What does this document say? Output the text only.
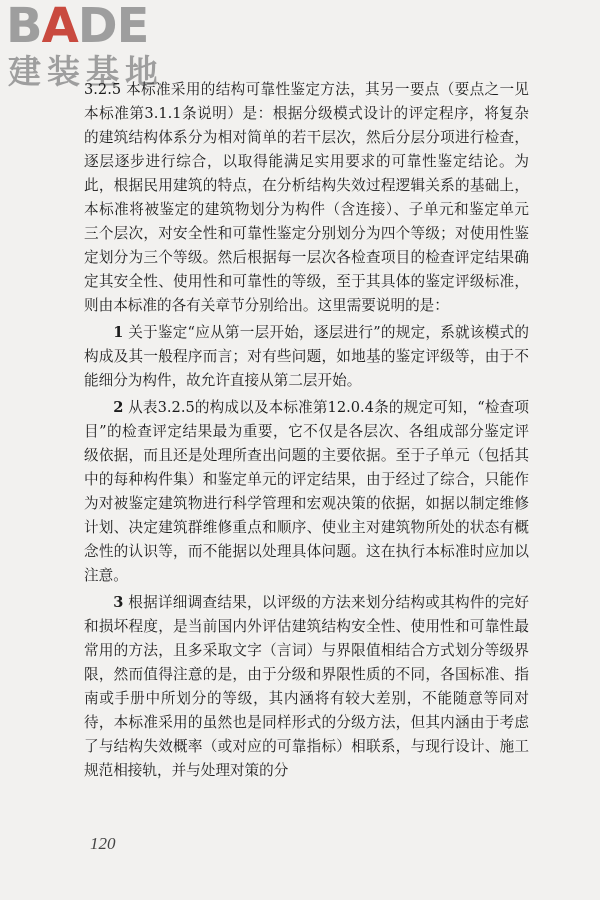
BADE
建装基地

3.2.5 本标准采用的结构可靠性鉴定方法，其另一要点（要点之一见本标准第3.1.1条说明）是：根据分级模式设计的评定程序，将复杂的建筑结构体系分为相对简单的若干层次，然后分层分项进行检查，逐层逐步进行综合，以取得能满足实用要求的可靠性鉴定结论。为此，根据民用建筑的特点，在分析结构失效过程逻辑关系的基础上，本标准将被鉴定的建筑物划分为构件（含连接）、子单元和鉴定单元三个层次，对安全性和可靠性鉴定分别划分为四个等级；对使用性鉴定划分为三个等级。然后根据每一层次各检查项目的检查评定结果确定其安全性、使用性和可靠性的等级，至于其具体的鉴定评级标准，则由本标准的各有关章节分别给出。这里需要说明的是：

1 关于鉴定“应从第一层开始，逐层进行”的规定，系就该模式的构成及其一般程序而言；对有些问题，如地基的鉴定评级等，由于不能细分为构件，故允许直接从第二层开始。

2 从表3.2.5的构成以及本标准第12.0.4条的规定可知，“检查项目”的检查评定结果最为重要，它不仅是各层次、各组成部分鉴定评级依据，而且还是处理所查出问题的主要依据。至于子单元（包括其中的每种构件集）和鉴定单元的评定结果，由于经过了综合，只能作为对被鉴定建筑物进行科学管理和宏观决策的依据，如据以制定维修计划、决定建筑群维修重点和顺序、使业主对建筑物所处的状态有概念性的认识等，而不能据以处理具体问题。这在执行本标准时应加以注意。

3 根据详细调查结果，以评级的方法来划分结构或其构件的完好和损坏程度，是当前国内外评估建筑结构安全性、使用性和可靠性最常用的方法，且多采取文字（言词）与界限值相结合方式划分等级界限，然而值得注意的是，由于分级和界限性质的不同，各国标准、指南或手册中所划分的等级，其内涵将有较大差别，不能随意等同对待，本标准采用的虽然也是同样形式的分级方法，但其内涵由于考虑了与结构失效概率（或对应的可靠指标）相联系，与现行设计、施工规范相接轨，并与处理对策的分

120
